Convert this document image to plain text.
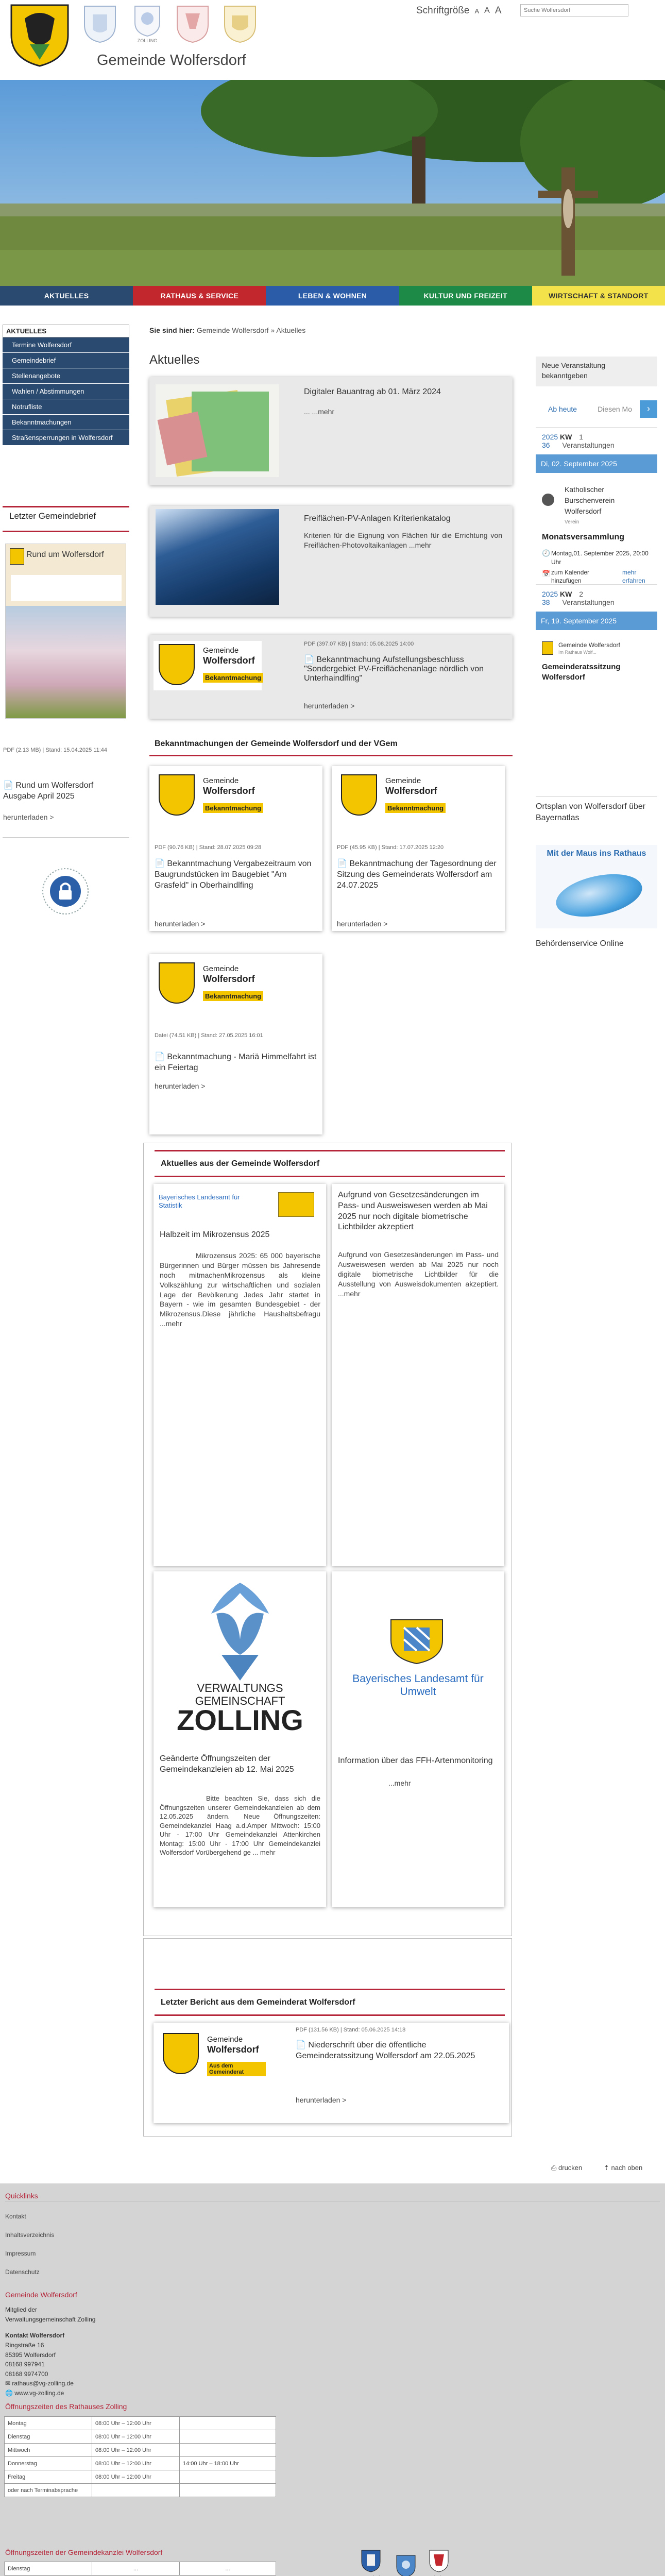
ZOLLING
Gemeinde Wolfersdorf
Schriftgröße A A A
Suche Wolfersdorf
AKTUELLES	RATHAUS & SERVICE	LEBEN & WOHNEN	KULTUR UND FREIZEIT	WIRTSCHAFT & STANDORT
AKTUELLES
Termine Wolfersdorf
Gemeindebrief
Stellenangebote
Wahlen / Abstimmungen
Notrufliste
Bekanntmachungen
Straßensperrungen in Wolfersdorf
Letzter Gemeindebrief
Rund um Wolfersdorf
PDF (2.13 MB) | Stand: 15.04.2025 11:44
📄 Rund um Wolfersdorf Ausgabe April 2025
herunterladen >
Sie sind hier: Gemeinde Wolfersdorf » Aktuelles
Aktuelles
Digitaler Bauantrag ab 01. März 2024

... ...mehr

Freiflächen-PV-Anlagen Kriterienkatalog

Kriterien für die Eignung von Flächen für die Errichtung von Freiflächen-Photovoltaikanlagen ...mehr

Gemeinde
Wolfersdorf
Bekanntmachung
PDF (397.07 KB) | Stand: 05.08.2025 14:00
📄 Bekanntmachung Aufstellungsbeschluss "Sondergebiet PV-Freiflächenanlage nördlich von Unterhaindlfing"
herunterladen >
Bekanntmachungen der Gemeinde Wolfersdorf und der VGem
Gemeinde
Wolfersdorf
Bekanntmachung
PDF (90.76 KB) | Stand: 28.07.2025 09:28
📄 Bekanntmachung Vergabezeitraum von Baugrundstücken im Baugebiet "Am Grasfeld" in Oberhaindlfing
herunterladen >
Gemeinde
Wolfersdorf
Bekanntmachung
PDF (45.95 KB) | Stand: 17.07.2025 12:20
📄 Bekanntmachung der Tagesordnung der Sitzung des Gemeinderats Wolfersdorf am 24.07.2025
herunterladen >
Gemeinde
Wolfersdorf
Bekanntmachung
Datei (74.51 KB) | Stand: 27.05.2025 16:01
📄 Bekanntmachung - Mariä Himmelfahrt ist ein Feiertag
herunterladen >
Aktuelles aus der Gemeinde Wolfersdorf
Bayerisches Landesamt für Statistik
Halbzeit im Mikrozensus 2025

Mikrozensus 2025: 65 000 bayerische Bürgerinnen und Bürger müssen bis Jahresende noch mitmachenMikrozensus als kleine Volkszählung zur wirtschaftlichen und sozialen Lage der Bevölkerung Jedes Jahr startet in Bayern - wie im gesamten Bundesgebiet - der Mikrozensus.Diese jährliche Haushaltsbefragu ...mehr

Aufgrund von Gesetzesänderungen im Pass- und Ausweiswesen werden ab Mai 2025 nur noch digitale biometrische Lichtbilder akzeptiert

Aufgrund von Gesetzesänderungen im Pass- und Ausweiswesen werden ab Mai 2025 nur noch digitale biometrische Lichtbilder für die Ausstellung von Ausweisdokumenten akzeptiert. ...mehr

VERWALTUNGS
GEMEINSCHAFT
ZOLLING
Geänderte Öffnungszeiten der Gemeindekanzleien ab 12. Mai 2025

Bitte beachten Sie, dass sich die Öffnungszeiten unserer Gemeindekanzleien ab dem 12.05.2025 ändern. Neue Öffnungszeiten: Gemeindekanzlei Haag a.d.Amper Mittwoch: 15:00 Uhr - 17:00 Uhr Gemeindekanzlei Attenkirchen Montag: 15:00 Uhr - 17:00 Uhr Gemeindekanzlei Wolfersdorf Vorübergehend ge ... mehr

Bayerisches Landesamt für Umwelt
Information über das FFH-Artenmonitoring

...mehr

Letzter Bericht aus dem Gemeinderat Wolfersdorf
Gemeinde
Wolfersdorf
Aus dem Gemeinderat
PDF (131.56 KB) | Stand: 05.06.2025 14:18
📄 Niederschrift über die öffentliche Gemeinderatssitzung Wolfersdorf am 22.05.2025
herunterladen >
⎙ drucken	⇡ nach oben
Neue Veranstaltung bekanntgeben
Ab heute	Diesen Mo	›
2025 KW 1
36 Veranstaltungen
Di, 02. September 2025
Katholischer Burschenverein Wolfersdorf
Verein
Monatsversammlung
🕗 Montag,01. September 2025, 20:00 Uhr
📅 zum Kalender hinzufügen
mehr erfahren
2025 KW 2
38 Veranstaltungen
Fr, 19. September 2025
Gemeinde Wolfersdorf
Im Rathaus Wolf...
Gemeinderatssitzung Wolfersdorf
Ortsplan von Wolfersdorf über Bayernatlas
Mit der Maus ins Rathaus
Behördenservice Online
Quicklinks
Kontakt
Inhaltsverzeichnis
Impressum
Datenschutz
Gemeinde Wolfersdorf
Mitglied der
Verwaltungsgemeinschaft Zolling
Kontakt Wolfersdorf
Ringstraße 16
85395 Wolfersdorf
08168 997941
08168 9974700
✉ rathaus@vg-zolling.de
🌐 www.vg-zolling.de
Öffnungszeiten des Rathauses Zolling
Montag	08:00 Uhr – 12:00 Uhr	
Dienstag	08:00 Uhr – 12:00 Uhr	
Mittwoch	08:00 Uhr – 12:00 Uhr	
Donnerstag	08:00 Uhr – 12:00 Uhr	14:00 Uhr – 18:00 Uhr
Freitag	08:00 Uhr – 12:00 Uhr	
oder nach Terminabsprache		
Öffnungszeiten der Gemeindekanzlei Wolfersdorf
Dienstag	...	...
